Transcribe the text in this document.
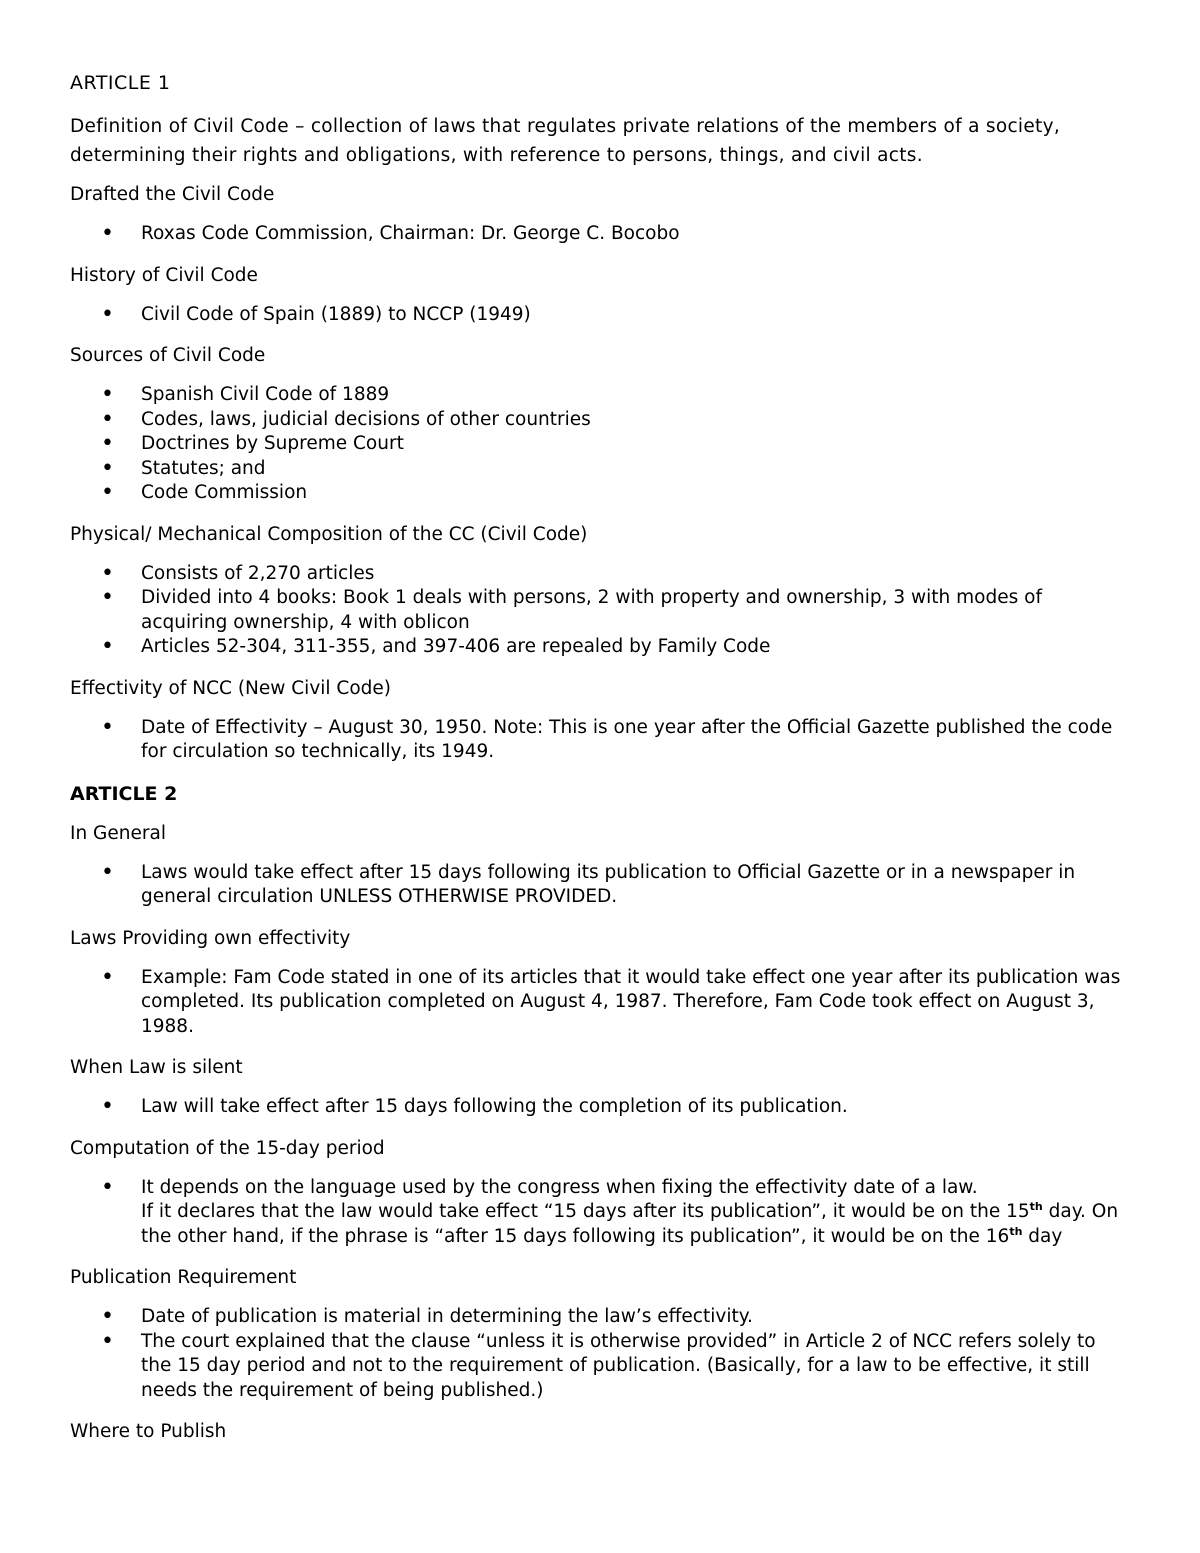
ARTICLE 1

Definition of Civil Code – collection of laws that regulates private relations of the members of a society, determining their rights and obligations, with reference to persons, things, and civil acts.

Drafted the Civil Code

• Roxas Code Commission, Chairman: Dr. George C. Bocobo

History of Civil Code

• Civil Code of Spain (1889) to NCCP (1949)

Sources of Civil Code

• Spanish Civil Code of 1889
• Codes, laws, judicial decisions of other countries
• Doctrines by Supreme Court
• Statutes; and
• Code Commission

Physical/ Mechanical Composition of the CC (Civil Code)

• Consists of 2,270 articles
• Divided into 4 books: Book 1 deals with persons, 2 with property and ownership, 3 with modes of acquiring ownership, 4 with oblicon
• Articles 52-304, 311-355, and 397-406 are repealed by Family Code

Effectivity of NCC (New Civil Code)

• Date of Effectivity – August 30, 1950. Note: This is one year after the Official Gazette published the code for circulation so technically, its 1949.
ARTICLE 2

In General

• Laws would take effect after 15 days following its publication to Official Gazette or in a newspaper in general circulation UNLESS OTHERWISE PROVIDED.

Laws Providing own effectivity

• Example: Fam Code stated in one of its articles that it would take effect one year after its publication was completed. Its publication completed on August 4, 1987. Therefore, Fam Code took effect on August 3, 1988.

When Law is silent

• Law will take effect after 15 days following the completion of its publication.

Computation of the 15-day period

• It depends on the language used by the congress when fixing the effectivity date of a law.
If it declares that the law would take effect “15 days after its publication”, it would be on the 15th day. On the other hand, if the phrase is “after 15 days following its publication”, it would be on the 16th day

Publication Requirement

• Date of publication is material in determining the law’s effectivity.
• The court explained that the clause “unless it is otherwise provided” in Article 2 of NCC refers solely to the 15 day period and not to the requirement of publication. (Basically, for a law to be effective, it still needs the requirement of being published.)

Where to Publish
